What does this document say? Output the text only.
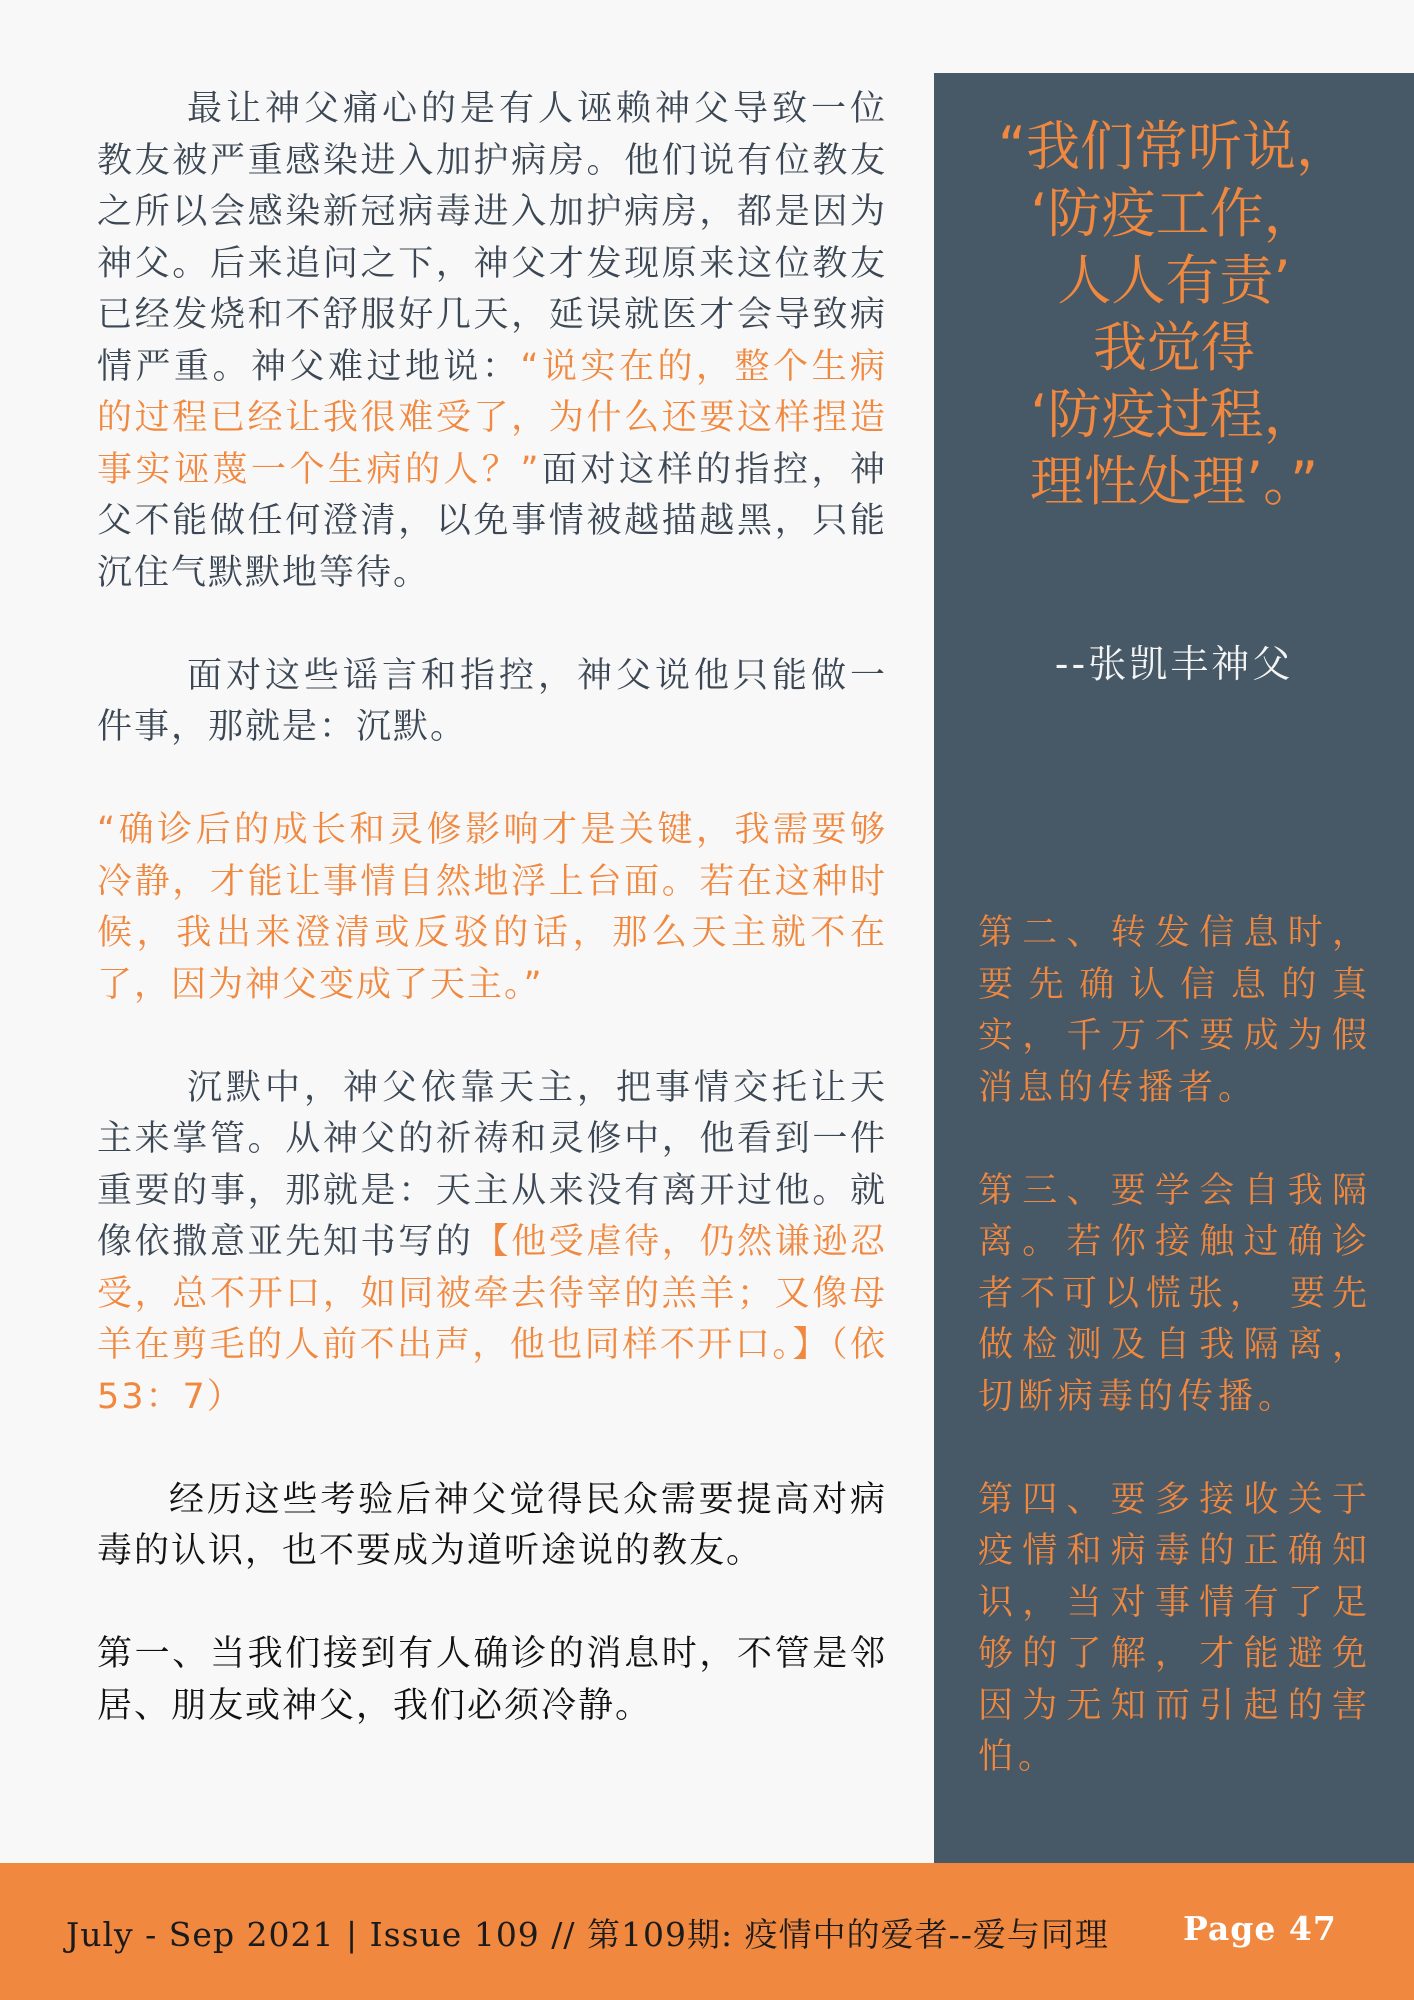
最让神父痛心的是有人诬赖神父导致一位教友被严重感染进入加护病房。他们说有位教友之所以会感染新冠病毒进入加护病房，都是因为神父。后来追问之下，神父才发现原来这位教友已经发烧和不舒服好几天，延误就医才会导致病情严重。神父难过地说：“说实在的，整个生病的过程已经让我很难受了，为什么还要这样捏造事实诬蔑一个生病的人？”面对这样的指控，神父不能做任何澄清，以免事情被越描越黑，只能沉住气默默地等待。

面对这些谣言和指控，神父说他只能做一件事，那就是：沉默。

“确诊后的成长和灵修影响才是关键，我需要够冷静，才能让事情自然地浮上台面。若在这种时候，我出来澄清或反驳的话，那么天主就不在了，因为神父变成了天主。”

沉默中，神父依靠天主，把事情交托让天主来掌管。从神父的祈祷和灵修中，他看到一件重要的事，那就是：天主从来没有离开过他。就像依撒意亚先知书写的【他受虐待，仍然谦逊忍受，总不开口，如同被牵去待宰的羔羊；又像母羊在剪毛的人前不出声，他也同样不开口。】（依53：7）

经历这些考验后神父觉得民众需要提高对病毒的认识，也不要成为道听途说的教友。

第一、当我们接到有人确诊的消息时，不管是邻居、朋友或神父，我们必须冷静。

“我们常听说，
‘防疫工作，
人人有责’
我觉得
‘防疫过程，
理性处理’。”
--张凯丰神父

第二、转发信息时，要先确认信息的真实，千万不要成为假消息的传播者。

第三、要学会自我隔离。若你接触过确诊者不可以慌张， 要先做检测及自我隔离，切断病毒的传播。

第四、要多接收关于疫情和病毒的正确知识，当对事情有了足够的了解，才能避免因为无知而引起的害怕。

July - Sep 2021 | Issue 109 // 第109期: 疫情中的爱者--爱与同理 Page 47
